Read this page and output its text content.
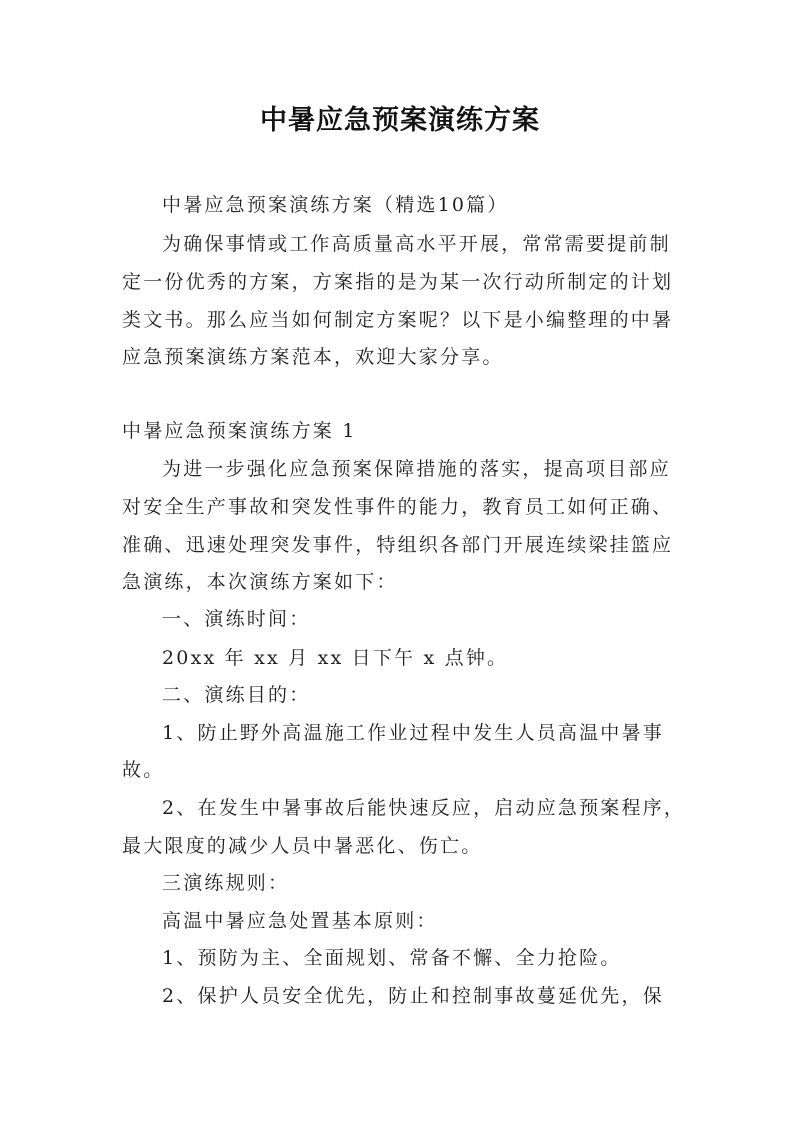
中暑应急预案演练方案
中暑应急预案演练方案（精选10篇）
为确保事情或工作高质量高水平开展，常常需要提前制
定一份优秀的方案，方案指的是为某一次行动所制定的计划
类文书。那么应当如何制定方案呢？以下是小编整理的中暑
应急预案演练方案范本，欢迎大家分享。
中暑应急预案演练方案 1
为进一步强化应急预案保障措施的落实，提高项目部应
对安全生产事故和突发性事件的能力，教育员工如何正确、
准确、迅速处理突发事件，特组织各部门开展连续梁挂篮应
急演练，本次演练方案如下：
一、演练时间：
20xx 年 xx 月 xx 日下午 x 点钟。
二、演练目的：
1、防止野外高温施工作业过程中发生人员高温中暑事
故。
2、在发生中暑事故后能快速反应，启动应急预案程序，
最大限度的减少人员中暑恶化、伤亡。
三演练规则：
高温中暑应急处置基本原则：
1、预防为主、全面规划、常备不懈、全力抢险。
2、保护人员安全优先，防止和控制事故蔓延优先，保
